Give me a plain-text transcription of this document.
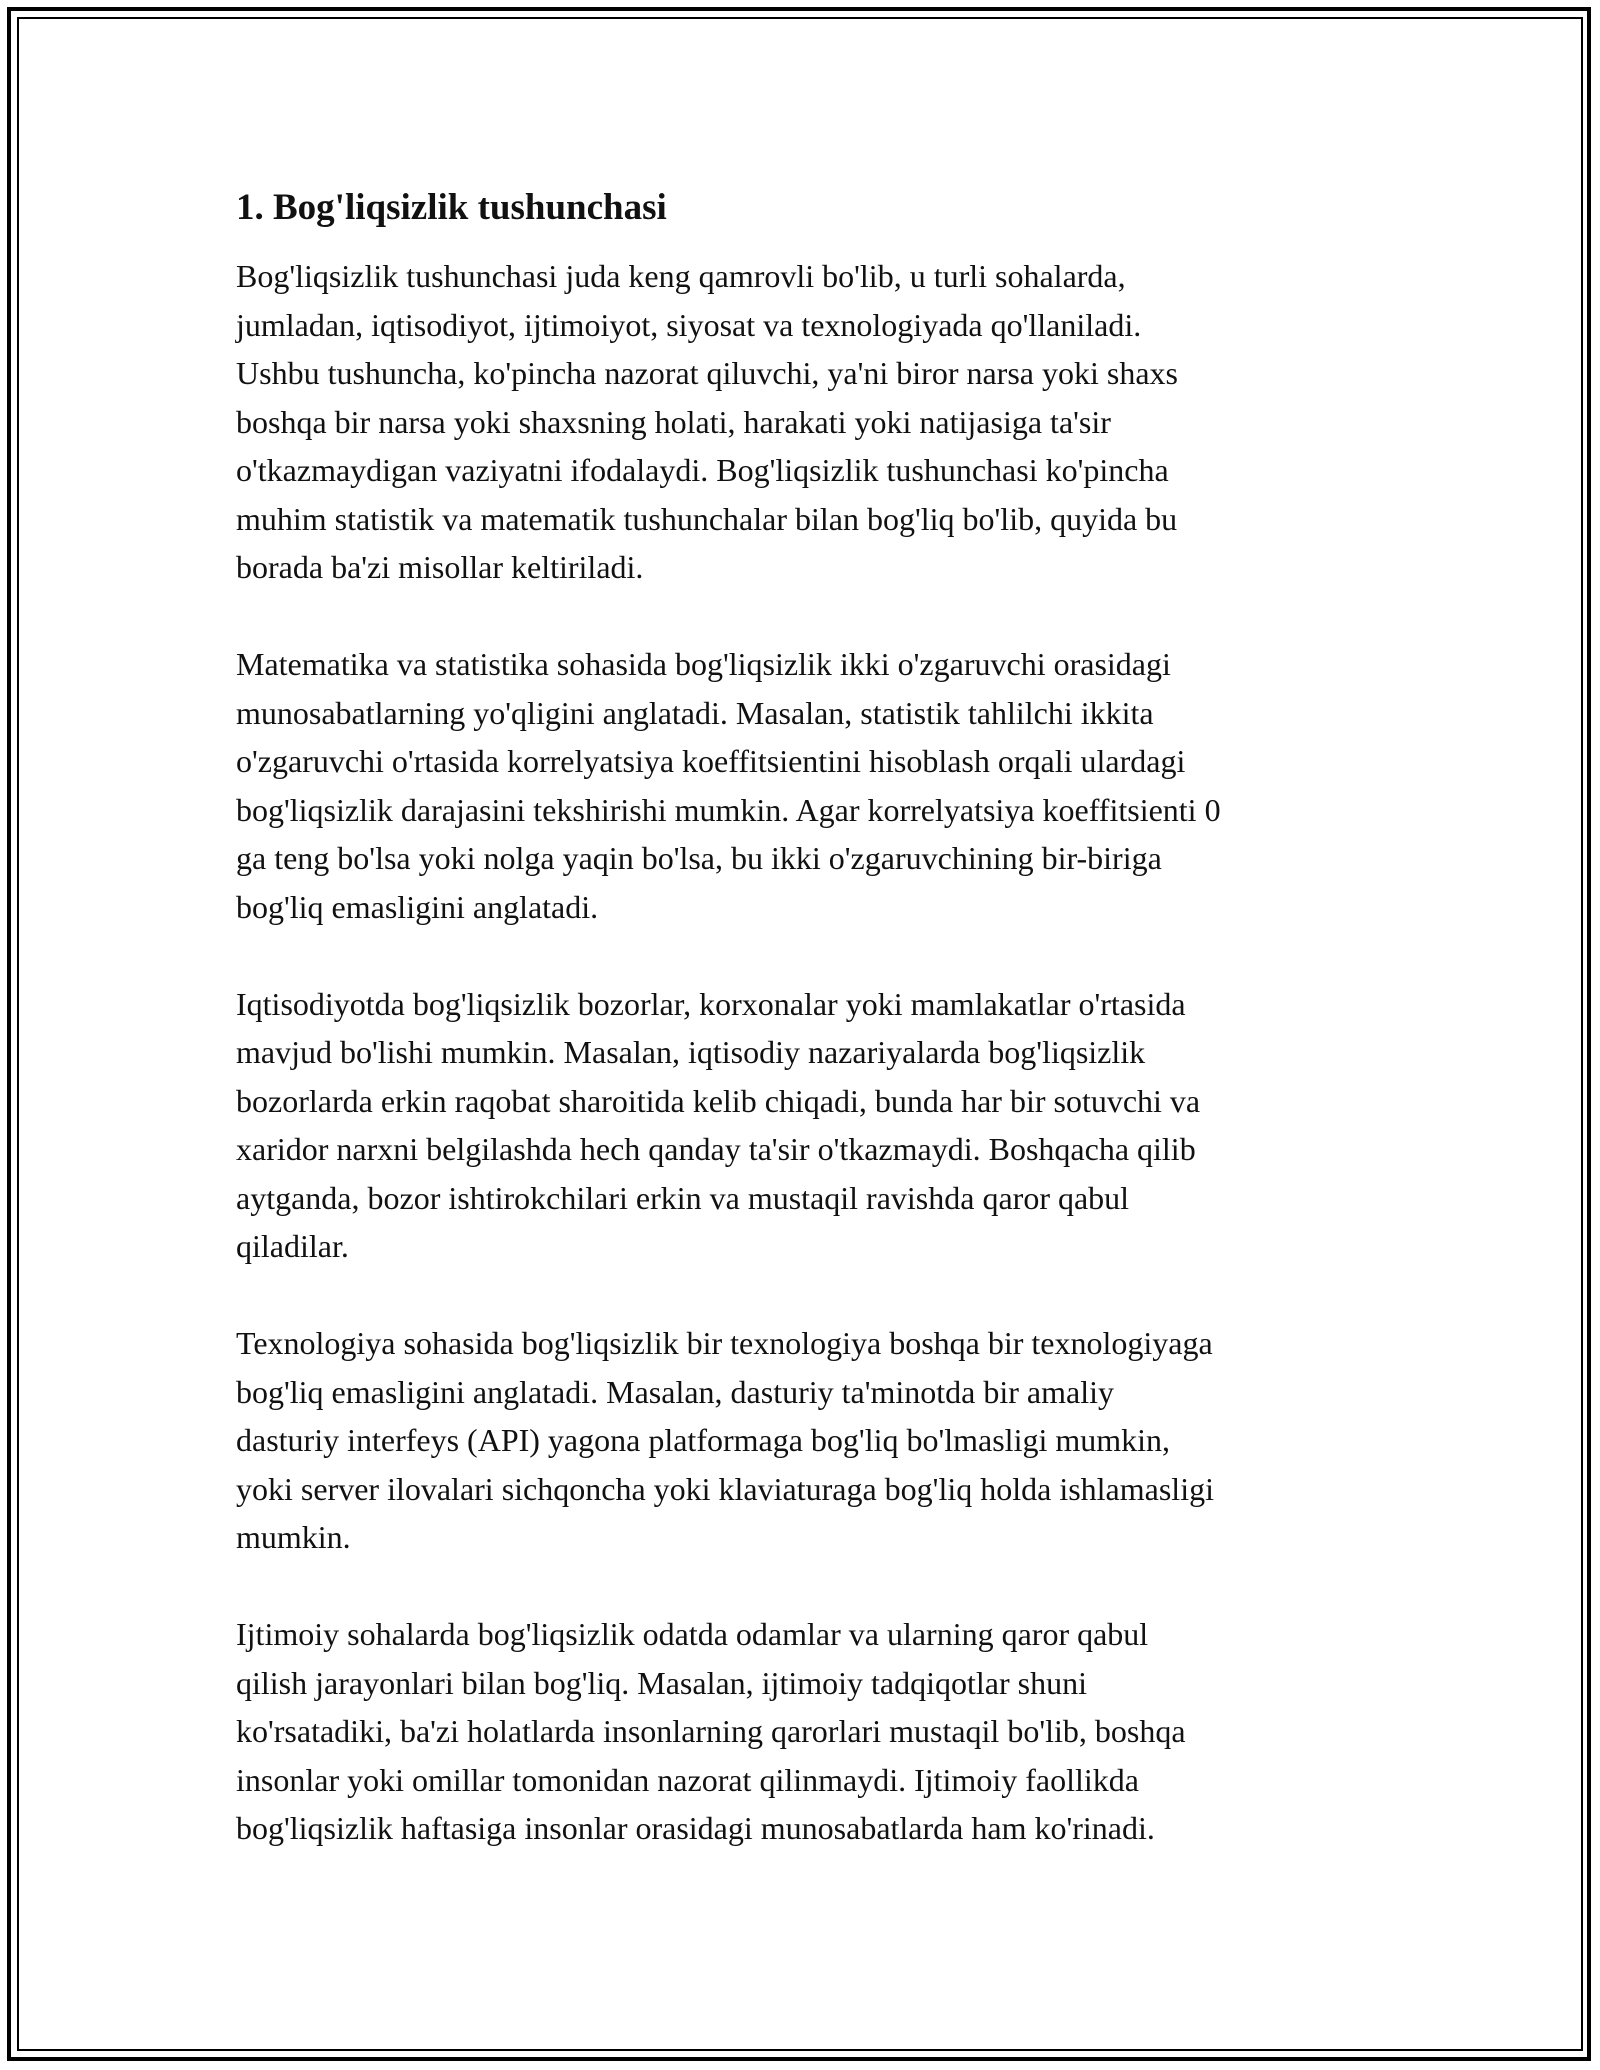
1. Bog'liqsizlik tushunchasi

Bog'liqsizlik tushunchasi juda keng qamrovli bo'lib, u turli sohalarda,
jumladan, iqtisodiyot, ijtimoiyot, siyosat va texnologiyada qo'llaniladi.
Ushbu tushuncha, ko'pincha nazorat qiluvchi, ya'ni biror narsa yoki shaxs
boshqa bir narsa yoki shaxsning holati, harakati yoki natijasiga ta'sir
o'tkazmaydigan vaziyatni ifodalaydi. Bog'liqsizlik tushunchasi ko'pincha
muhim statistik va matematik tushunchalar bilan bog'liq bo'lib, quyida bu
borada ba'zi misollar keltiriladi.

Matematika va statistika sohasida bog'liqsizlik ikki o'zgaruvchi orasidagi
munosabatlarning yo'qligini anglatadi. Masalan, statistik tahlilchi ikkita
o'zgaruvchi o'rtasida korrelyatsiya koeffitsientini hisoblash orqali ulardagi
bog'liqsizlik darajasini tekshirishi mumkin. Agar korrelyatsiya koeffitsienti 0
ga teng bo'lsa yoki nolga yaqin bo'lsa, bu ikki o'zgaruvchining bir-biriga
bog'liq emasligini anglatadi.

Iqtisodiyotda bog'liqsizlik bozorlar, korxonalar yoki mamlakatlar o'rtasida
mavjud bo'lishi mumkin. Masalan, iqtisodiy nazariyalarda bog'liqsizlik
bozorlarda erkin raqobat sharoitida kelib chiqadi, bunda har bir sotuvchi va
xaridor narxni belgilashda hech qanday ta'sir o'tkazmaydi. Boshqacha qilib
aytganda, bozor ishtirokchilari erkin va mustaqil ravishda qaror qabul
qiladilar.

Texnologiya sohasida bog'liqsizlik bir texnologiya boshqa bir texnologiyaga
bog'liq emasligini anglatadi. Masalan, dasturiy ta'minotda bir amaliy
dasturiy interfeys (API) yagona platformaga bog'liq bo'lmasligi mumkin,
yoki server ilovalari sichqoncha yoki klaviaturaga bog'liq holda ishlamasligi
mumkin.

Ijtimoiy sohalarda bog'liqsizlik odatda odamlar va ularning qaror qabul
qilish jarayonlari bilan bog'liq. Masalan, ijtimoiy tadqiqotlar shuni
ko'rsatadiki, ba'zi holatlarda insonlarning qarorlari mustaqil bo'lib, boshqa
insonlar yoki omillar tomonidan nazorat qilinmaydi. Ijtimoiy faollikda
bog'liqsizlik haftasiga insonlar orasidagi munosabatlarda ham ko'rinadi.
